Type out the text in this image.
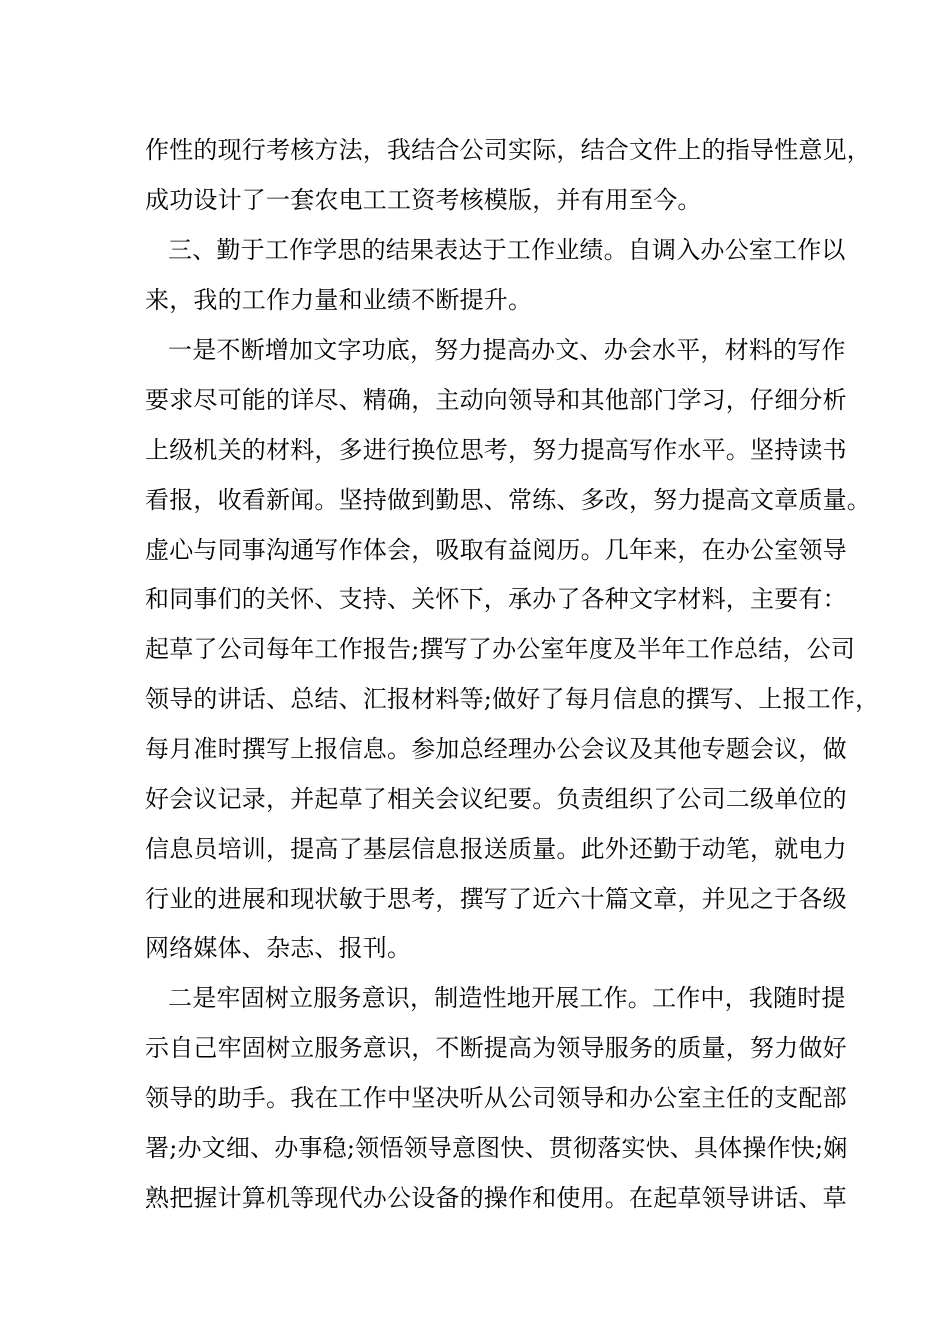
作性的现行考核方法，我结合公司实际，结合文件上的指导性意见，
成功设计了一套农电工工资考核模版，并有用至今。
三、勤于工作学思的结果表达于工作业绩。自调入办公室工作以
来，我的工作力量和业绩不断提升。
一是不断增加文字功底，努力提高办文、办会水平，材料的写作
要求尽可能的详尽、精确，主动向领导和其他部门学习，仔细分析
上级机关的材料，多进行换位思考，努力提高写作水平。坚持读书
看报，收看新闻。坚持做到勤思、常练、多改，努力提高文章质量。
虚心与同事沟通写作体会，吸取有益阅历。几年来，在办公室领导
和同事们的关怀、支持、关怀下，承办了各种文字材料，主要有：
起草了公司每年工作报告;撰写了办公室年度及半年工作总结，公司
领导的讲话、总结、汇报材料等;做好了每月信息的撰写、上报工作，
每月准时撰写上报信息。参加总经理办公会议及其他专题会议，做
好会议记录，并起草了相关会议纪要。负责组织了公司二级单位的
信息员培训，提高了基层信息报送质量。此外还勤于动笔，就电力
行业的进展和现状敏于思考，撰写了近六十篇文章，并见之于各级
网络媒体、杂志、报刊。
二是牢固树立服务意识，制造性地开展工作。工作中，我随时提
示自己牢固树立服务意识，不断提高为领导服务的质量，努力做好
领导的助手。我在工作中坚决听从公司领导和办公室主任的支配部
署;办文细、办事稳;领悟领导意图快、贯彻落实快、具体操作快;娴
熟把握计算机等现代办公设备的操作和使用。在起草领导讲话、草
